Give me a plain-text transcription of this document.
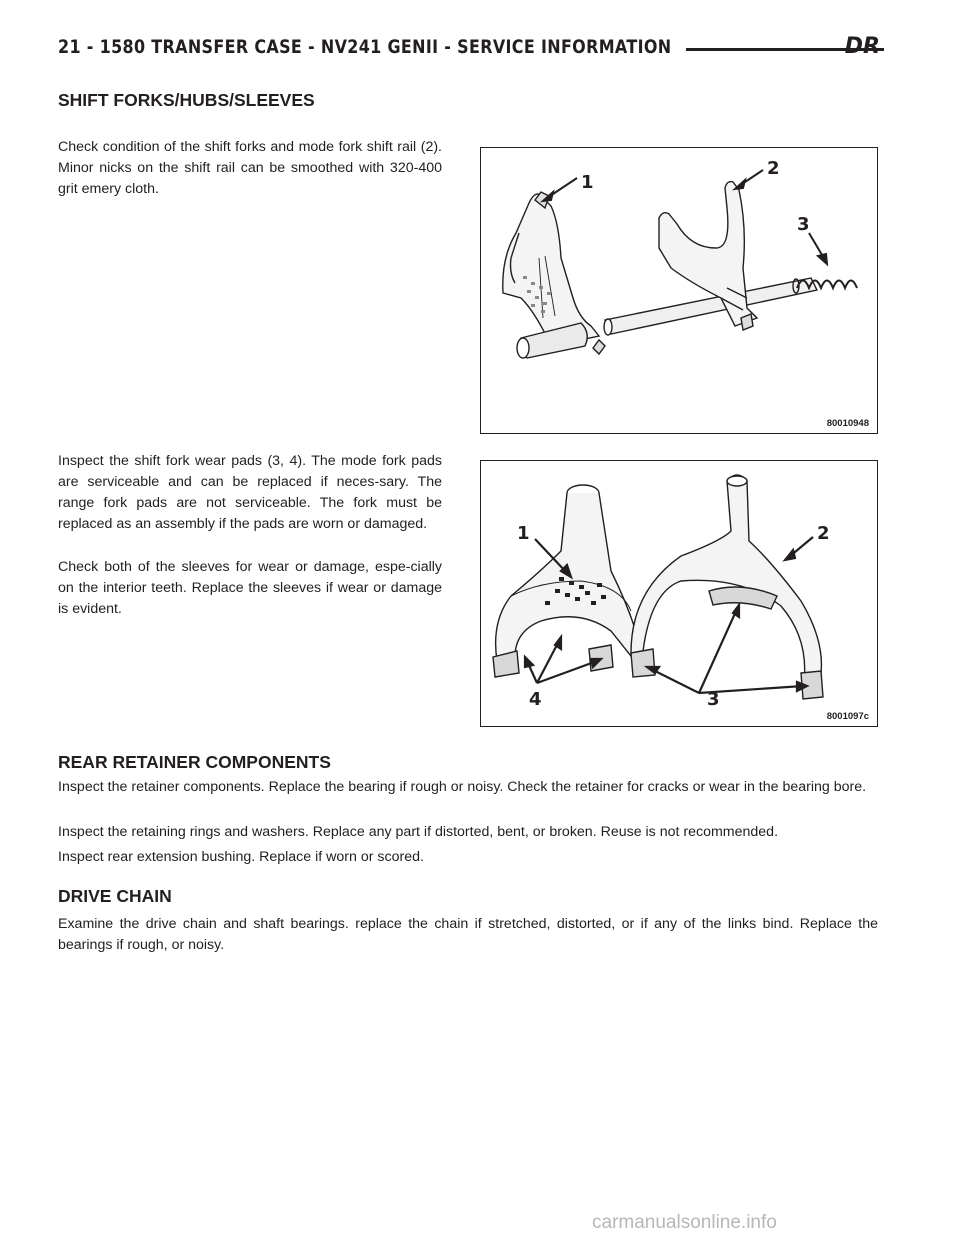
21 - 1580 TRANSFER CASE - NV241 GENII - SERVICE INFORMATION	DR
SHIFT FORKS/HUBS/SLEEVES

Check condition of the shift forks and mode fork shift rail (2). Minor nicks on the shift rail can be smoothed with 320-400 grit emery cloth.	1
2
3
80010948

Inspect the shift fork wear pads (3, 4). The mode fork pads are serviceable and can be replaced if neces-sary. The range fork pads are not serviceable. The fork must be replaced as an assembly if the pads are worn or damaged.

Check both of the sleeves for wear or damage, espe-cially on the interior teeth. Replace the sleeves if wear or damage is evident.

1	2
3
4
8001097c
REAR RETAINER COMPONENTS

Inspect the retainer components. Replace the bearing if rough or noisy. Check the retainer for cracks or wear in the bearing bore.

Inspect the retaining rings and washers. Replace any part if distorted, bent, or broken. Reuse is not recommended.

Inspect rear extension bushing. Replace if worn or scored.

DRIVE CHAIN

Examine the drive chain and shaft bearings. replace the chain if stretched, distorted, or if any of the links bind. Replace the bearings if rough, or noisy.

carmanualsonline.info
